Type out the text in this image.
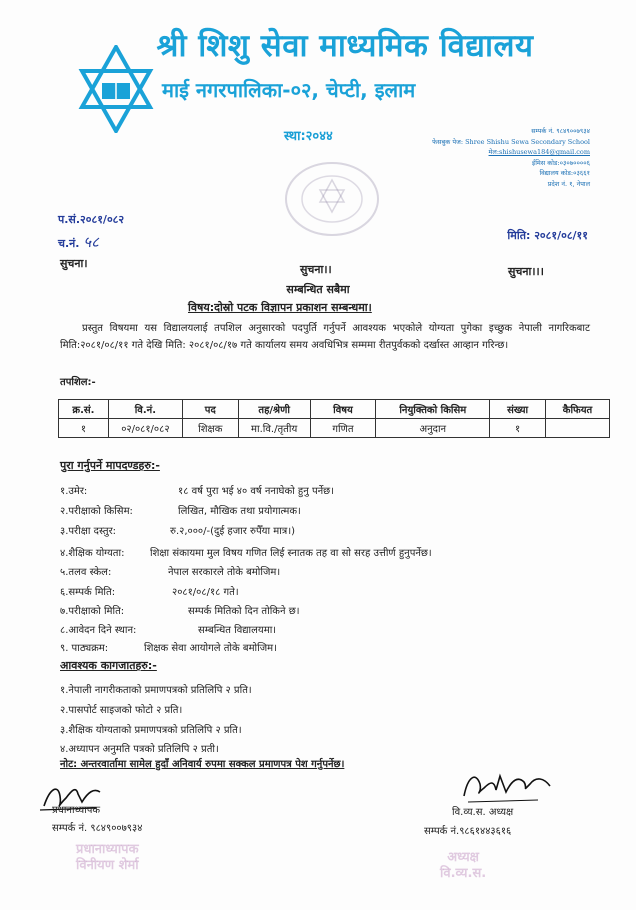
श्री शिशु सेवा माध्यमिक विद्यालय
माई नगरपालिका-०२, चेप्टी, इलाम
स्था:२०४४	सम्पर्क नं. ९८४९००७९३४
फेसबुक पेज: Shree Shishu Sewa Secondary School
मेल:shishusewa184@gmail.com
ईमिस कोड:०३०७००००६
विद्यालय कोड:०३६६१
प्रदेश नं. १, नेपाल
प.सं.२०८१/०८२
च.नं. ५८	मिति: २०८१/०८/११
सुचना।	सुचना।।	सुचना।।।
सम्बन्धित सबैमा
विषय:दोस्रो पटक विज्ञापन प्रकाशन सम्बन्धमा।
प्रस्तुत विषयमा यस विद्यालयलाई तपशिल अनुसारको पदपुर्ति गर्नुपर्ने आवश्यक भएकोले योग्यता पुगेका इच्छुक नेपाली नागरिकबाट मिति:२०८१/०८/११ गते देखि मिति: २०८१/०८/१७ गते कार्यालय समय अवधिभित्र सम्ममा रीतपुर्वकको दर्खास्त आव्हान गरिन्छ।
तपशिल:-
क्र.सं.	वि.नं.	पद	तह/श्रेणी	विषय	नियुक्तिको किसिम	संख्या	कैफियत
१	०२/०८१/०८२	शिक्षक	मा.वि./तृतीय	गणित	अनुदान	१	
पुरा गर्नुपर्ने मापदण्डहरु:-
१.उमेर:	१८ वर्ष पुरा भई ४० वर्ष ननाघेको हुनु पर्नेछ।
२.परीक्षाको किसिम:	लिखित, मौखिक तथा प्रयोगात्मक।
३.परीक्षा दस्तुर:	रु.२,०००/-(दुई हजार रुपैँया मात्र।)
४.शैक्षिक योग्यता:	शिक्षा संकायमा मुल विषय गणित लिई स्नातक तह वा सो सरह उत्तीर्ण हुनुपर्नेछ।
५.तलव स्केल:	नेपाल सरकारले तोके बमोजिम।
६.सम्पर्क मिति:	२०८१/०८/१८ गते।
७.परीक्षाको मिति:	सम्पर्क मितिको दिन तोकिने छ।
८.आवेदन दिने स्थान:	सम्बन्धित विद्यालयमा।
९. पाठ्यक्रम:	शिक्षक सेवा आयोगले तोके बमोजिम।
आवश्यक कागजातहरु:-
१.नेपाली नागरीकताको प्रमाणपत्रको प्रतिलिपि २ प्रति।
२.पासपोर्ट साइजको फोटो २ प्रति।
३.शैक्षिक योग्यताको प्रमाणपत्रको प्रतिलिपि २ प्रति।
४.अध्यापन अनुमति पत्रको प्रतिलिपि २ प्रती।
नोट: अन्तरवार्तामा सामेल हुदाँ अनिवार्य रुपमा सक्कल प्रमाणपत्र पेश गर्नुपर्नेछ।
प्रधानाध्यापक
सम्पर्क नं. ९८४९००७९३४
वि.व्य.स. अध्यक्ष
सम्पर्क नं.९८६१४४३६१६
प्रधानाध्यापक
विनीयण शेर्मा
अध्यक्ष
वि.व्य.स.
